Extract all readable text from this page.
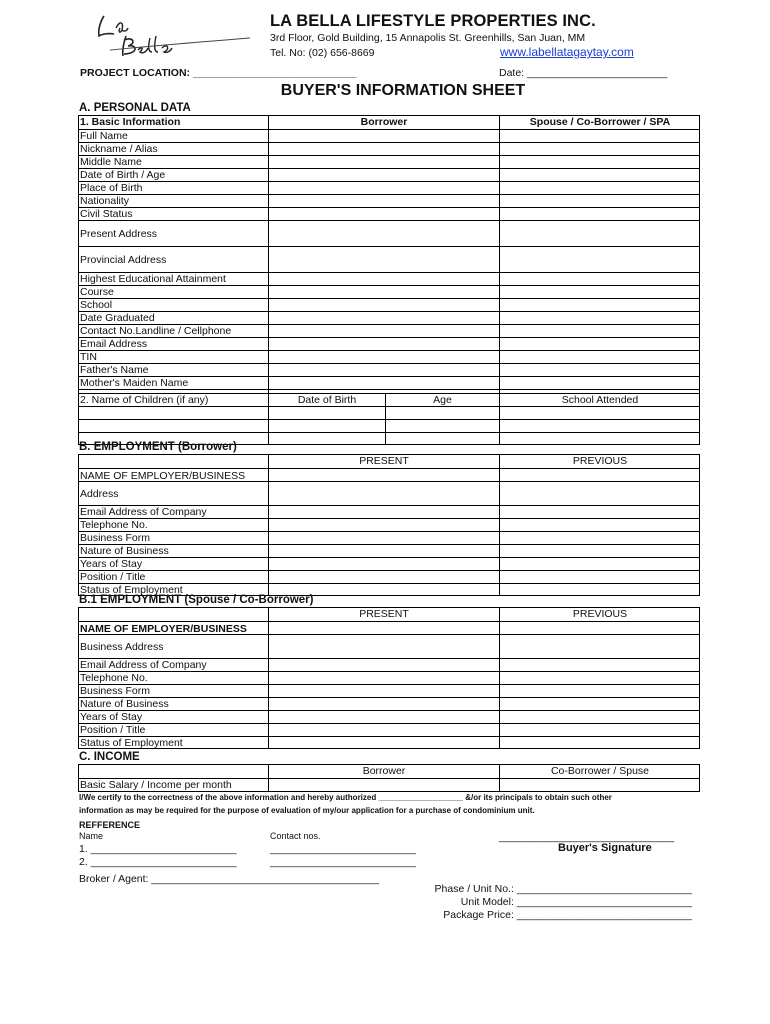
LA BELLA LIFESTYLE PROPERTIES INC.
3rd Floor, Gold Building, 15 Annapolis St. Greenhills, San Juan, MM
Tel. No: (02) 656-8669	www.labellatagaytay.com
PROJECT LOCATION: ____________________________	Date: ________________________
BUYER'S INFORMATION SHEET
A. PERSONAL DATA
1. Basic Information	Borrower	Spouse / Co-Borrower / SPA
Full Name
Nickname / Alias
Middle Name
Date of Birth / Age
Place of Birth
Nationality
Civil Status
Present Address
Provincial Address
Highest Educational Attainment
Course
School
Date Graduated
Contact No.Landline / Cellphone
Email Address
TIN
Father's Name
Mother's Maiden Name
2. Name of Children (if any)	Date of Birth	Age	School Attended
B. EMPLOYMENT (Borrower)
PRESENT	PREVIOUS
NAME OF EMPLOYER/BUSINESS
Address
Email Address of Company
Telephone No.
Business Form
Nature of Business
Years of Stay
Position / Title
Status of Employment
B.1 EMPLOYMENT (Spouse / Co-Borrower)
PRESENT	PREVIOUS
NAME OF EMPLOYER/BUSINESS
Business Address
Email Address of Company
Telephone No.
Business Form
Nature of Business
Years of Stay
Position / Title
Status of Employment
C. INCOME
Borrower	Co-Borrower / Spuse
Basic Salary / Income per month
I/We certify to the correctness of the above information and hereby authorized ___________________ &/or its principals to obtain such other
information as may be required for the purpose of evaluation of my/our application for a purchase of condominium unit.
REFFERENCE
Name	Contact nos.
1. _________________________
2. _________________________
_________________________
_________________________
______________________________
Buyer's Signature
Broker / Agent: _______________________________________
Phase / Unit No.: ______________________________
Unit Model: ______________________________
Package Price: ______________________________
